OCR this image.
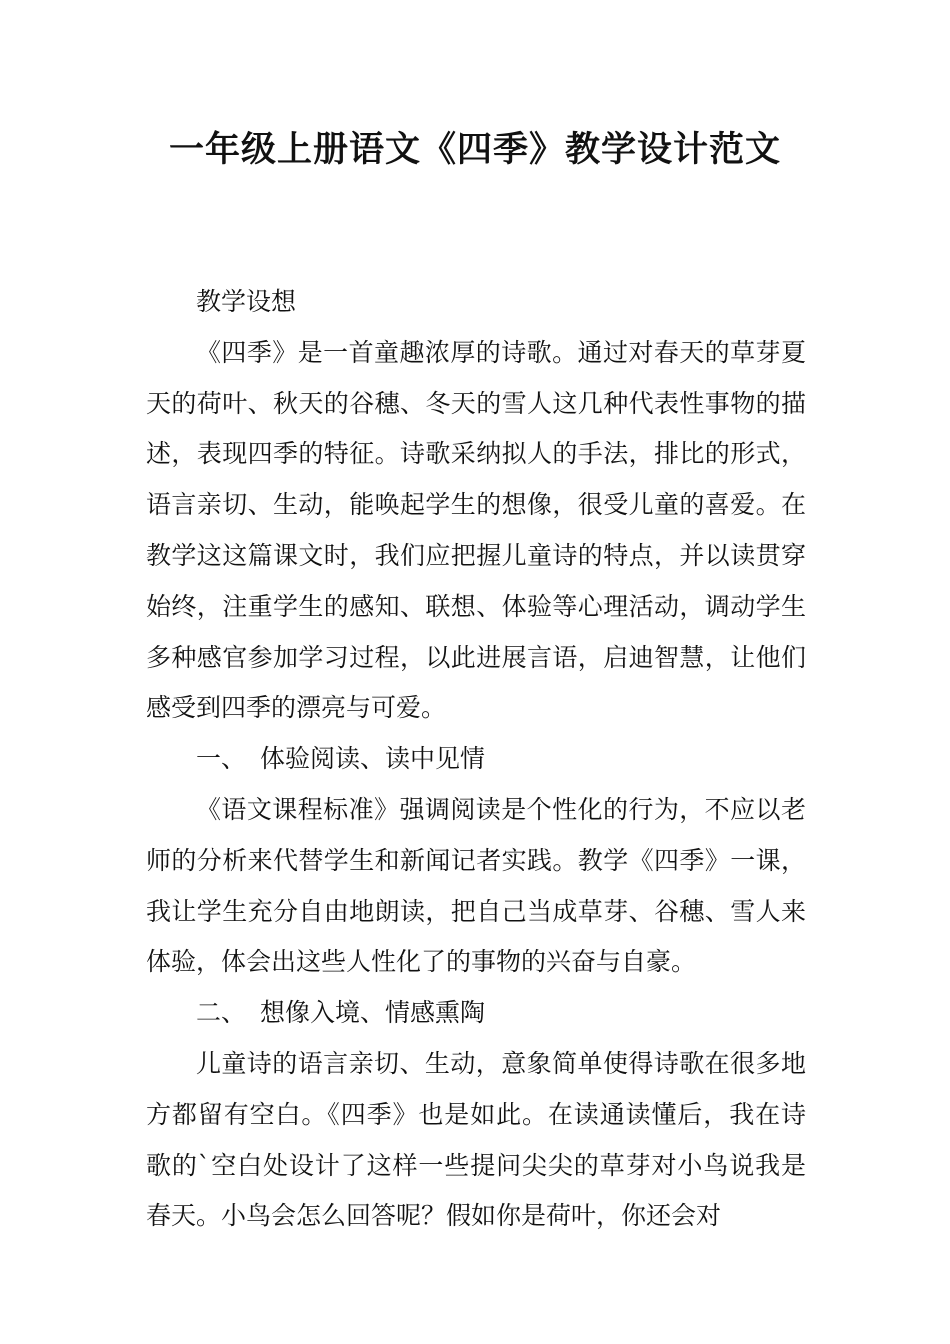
一年级上册语文《四季》教学设计范文

教学设想

《四季》是一首童趣浓厚的诗歌。通过对春天的草芽夏天的荷叶、秋天的谷穗、冬天的雪人这几种代表性事物的描述，表现四季的特征。诗歌采纳拟人的手法，排比的形式，语言亲切、生动，能唤起学生的想像，很受儿童的喜爱。在教学这这篇课文时，我们应把握儿童诗的特点，并以读贯穿始终，注重学生的感知、联想、体验等心理活动，调动学生多种感官参加学习过程，以此进展言语，启迪智慧，让他们感受到四季的漂亮与可爱。

一、 体验阅读、读中见情

《语文课程标准》强调阅读是个性化的行为，不应以老师的分析来代替学生和新闻记者实践。教学《四季》一课，我让学生充分自由地朗读，把自己当成草芽、谷穗、雪人来体验，体会出这些人性化了的事物的兴奋与自豪。

二、 想像入境、情感熏陶

儿童诗的语言亲切、生动，意象简单使得诗歌在很多地方都留有空白。《四季》也是如此。在读通读懂后，我在诗歌的`空白处设计了这样一些提问尖尖的草芽对小鸟说我是春天。小鸟会怎么回答呢？假如你是荷叶，你还会对
